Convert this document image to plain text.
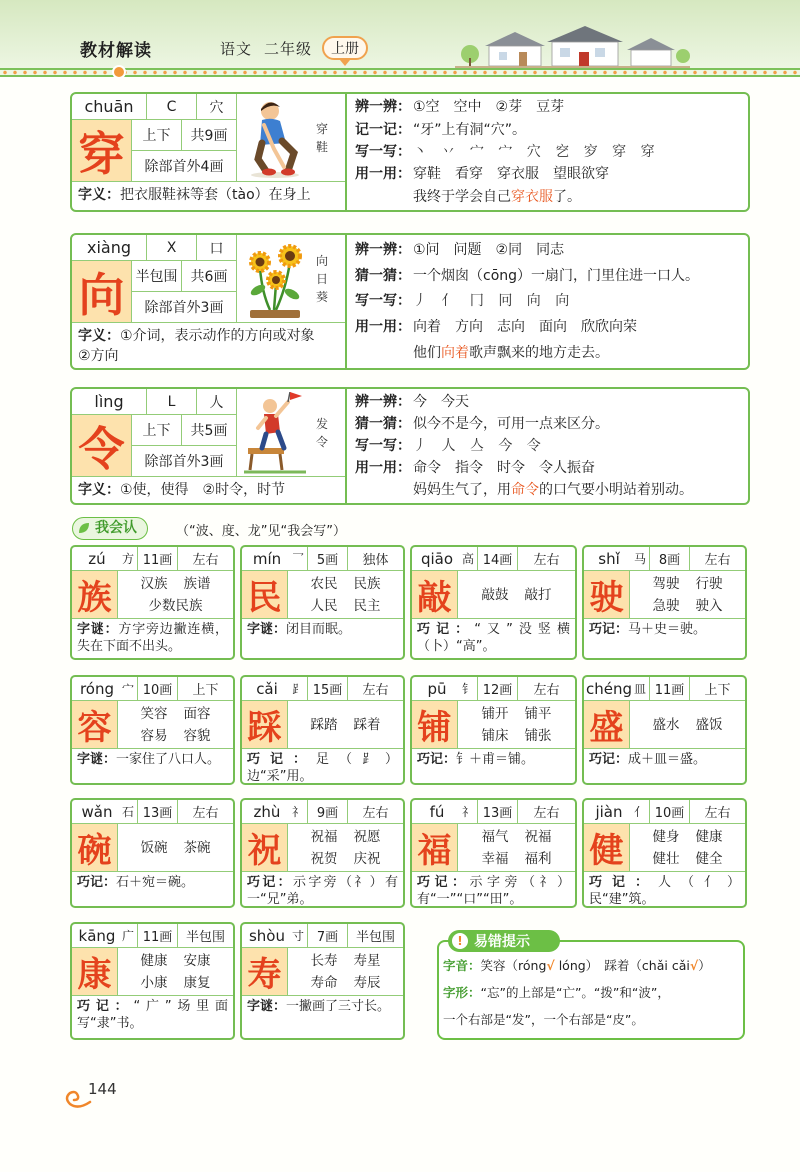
教材解读	语文 二年级	上册
我会认	（“波、度、龙”见“我会写”）
字音：笑容（róng√ lóng）　踩着（chǎi cǎi√）
字形：“忘”的上部是“亡”。“拨”和“波”，
一个右部是“发”，一个右部是“皮”。
! 易错提示
144
chuān	C	穴
穿
鞋
穿	上下	共9画
除部首外4画
字义：把衣服鞋袜等套（tào）在身上
辨一辨： ①空　空中　②芽　豆芽
记一记： “牙”上有洞“穴”。
写一写： 丶 丷 宀 宀 穴 穵 穸 穿 穿
用一用： 穿鞋　看穿　穿衣服　望眼欲穿
我终于学会自己穿衣服了。
xiàng	X	口
向
日
葵
向 半包围 共6画
除部首外3画
字义：①介词，表示动作的方向或对象　②方向
辨一辨： ①问　问题　②同　同志
猜一猜： 一个烟囱（cōng）一扇门，门里住进一口人。
写一写： 丿 亻 冂 冋 向 向
用一用： 向着　方向　志向　面向　欣欣向荣
他们向着歌声飘来的地方走去。
lìng	L	人
发
令
令	上下	共5画
除部首外3画
字义：①使，使得　②时令，时节
辨一辨： 今　今天
猜一猜： 似今不是今，可用一点来区分。
写一写： 丿 人 亼 今 令
用一用： 命令　指令　时令　令人振奋
妈妈生气了，用命令的口气要小明站着别动。
zú	方 11画	左右
族	汉族 族谱
少数民族
字谜：方字旁边撇连横，失在下面不出头。
mín 乛 5画	独体
民	农民 民族
人民 民主
字谜：闭目而眠。
qiāo 高 14画	左右
敲	敲鼓 敲打
巧记：“又”没竖横（卜）“高”。
shǐ	马 8画	左右
驶	驾驶 行驶
急驶 驶入
巧记：马＋史＝驶。
róng 宀 10画	上下
容	笑容 面容
容易 容貌
字谜：一家住了八口人。
cǎi	⻊ 15画	左右
踩	踩踏 踩着
巧记：足（⻊）边“采”用。
pū	钅 12画	左右
铺	铺开 铺平
铺床 铺张
巧记：钅＋甫＝铺。
chéng 皿 11画	上下
盛	盛水 盛饭
巧记：成＋皿＝盛。
wǎn 石 13画	左右
碗	饭碗 茶碗
巧记：石＋宛＝碗。
zhù 礻 9画	左右
祝	祝福 祝愿
祝贺 庆祝
巧记：示字旁（礻）有一“兄”弟。
fú	礻 13画	左右
福	福气 祝福
幸福 福利
巧记：示字旁（礻）有“一”“口”“田”。
jiàn 亻 10画	左右
健	健身 健康
健壮 健全
巧记：人（亻）民“建”筑。
kāng 广 11画	半包围
康	健康 安康
小康 康复
巧记：“广”场里面写“隶”书。
shòu 寸 7画	半包围
寿	长寿 寿星
寿命 寿辰
字谜：一撇画了三寸长。
